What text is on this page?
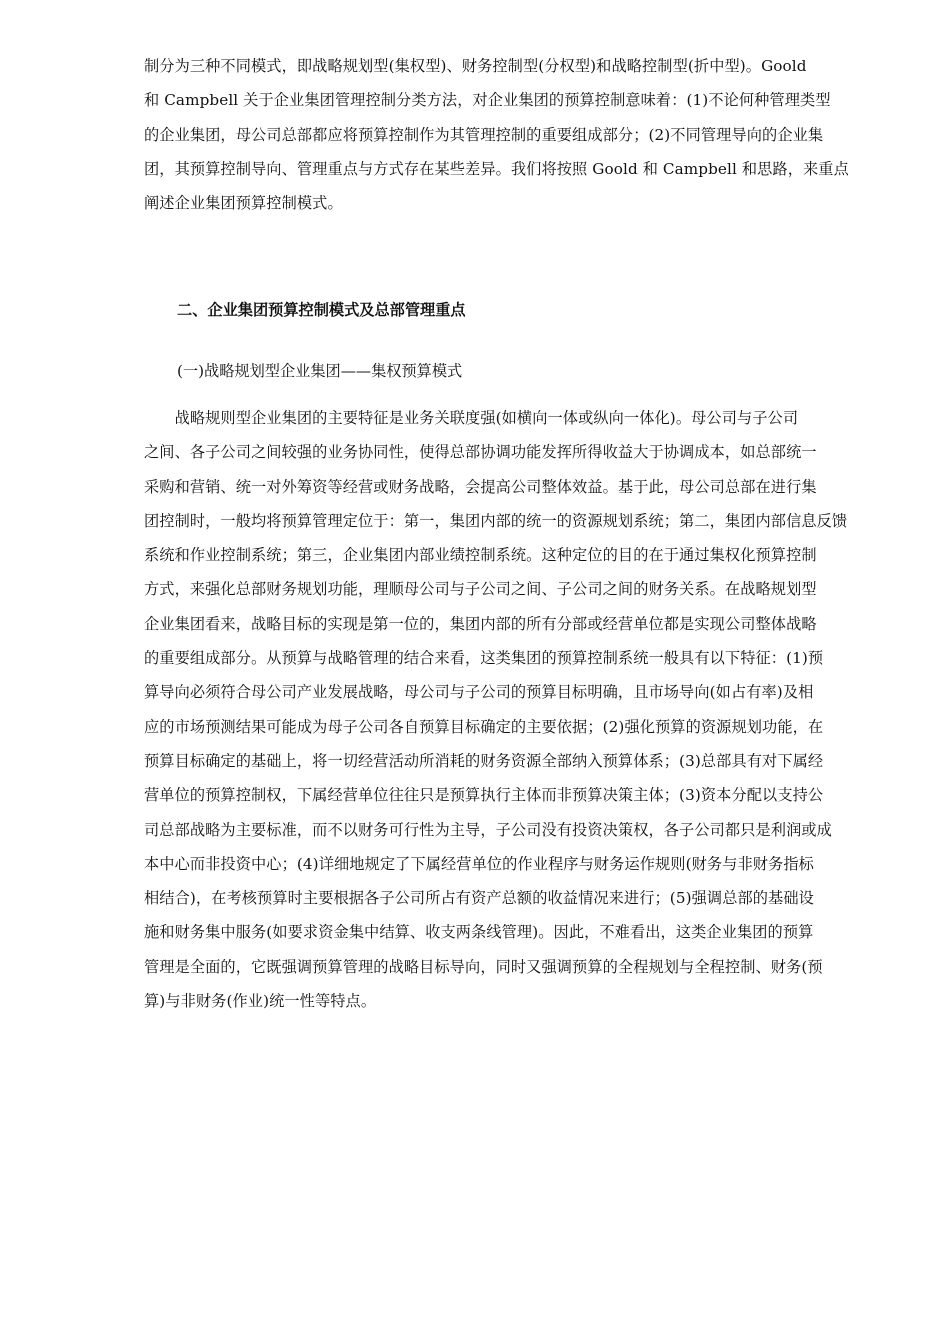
制分为三种不同模式，即战略规划型(集权型)、财务控制型(分权型)和战略控制型(折中型)。Goold
和 Campbell 关于企业集团管理控制分类方法，对企业集团的预算控制意味着：(1)不论何种管理类型
的企业集团，母公司总部都应将预算控制作为其管理控制的重要组成部分；(2)不同管理导向的企业集
团，其预算控制导向、管理重点与方式存在某些差异。我们将按照 Goold 和 Campbell 和思路，来重点
阐述企业集团预算控制模式。
二、企业集团预算控制模式及总部管理重点
(一)战略规划型企业集团——集权预算模式
　　战略规则型企业集团的主要特征是业务关联度强(如横向一体或纵向一体化)。母公司与子公司
之间、各子公司之间较强的业务协同性，使得总部协调功能发挥所得收益大于协调成本，如总部统一
采购和营销、统一对外筹资等经营或财务战略，会提高公司整体效益。基于此，母公司总部在进行集
团控制时，一般均将预算管理定位于：第一，集团内部的统一的资源规划系统；第二，集团内部信息反馈
系统和作业控制系统；第三，企业集团内部业绩控制系统。这种定位的目的在于通过集权化预算控制
方式，来强化总部财务规划功能，理顺母公司与子公司之间、子公司之间的财务关系。在战略规划型
企业集团看来，战略目标的实现是第一位的，集团内部的所有分部或经营单位都是实现公司整体战略
的重要组成部分。从预算与战略管理的结合来看，这类集团的预算控制系统一般具有以下特征：(1)预
算导向必须符合母公司产业发展战略，母公司与子公司的预算目标明确，且市场导向(如占有率)及相
应的市场预测结果可能成为母子公司各自预算目标确定的主要依据；(2)强化预算的资源规划功能，在
预算目标确定的基础上，将一切经营活动所消耗的财务资源全部纳入预算体系；(3)总部具有对下属经
营单位的预算控制权，下属经营单位往往只是预算执行主体而非预算决策主体；(3)资本分配以支持公
司总部战略为主要标准，而不以财务可行性为主导，子公司没有投资决策权，各子公司都只是利润或成
本中心而非投资中心；(4)详细地规定了下属经营单位的作业程序与财务运作规则(财务与非财务指标
相结合)，在考核预算时主要根据各子公司所占有资产总额的收益情况来进行；(5)强调总部的基础设
施和财务集中服务(如要求资金集中结算、收支两条线管理)。因此，不难看出，这类企业集团的预算
管理是全面的，它既强调预算管理的战略目标导向，同时又强调预算的全程规划与全程控制、财务(预
算)与非财务(作业)统一性等特点。
